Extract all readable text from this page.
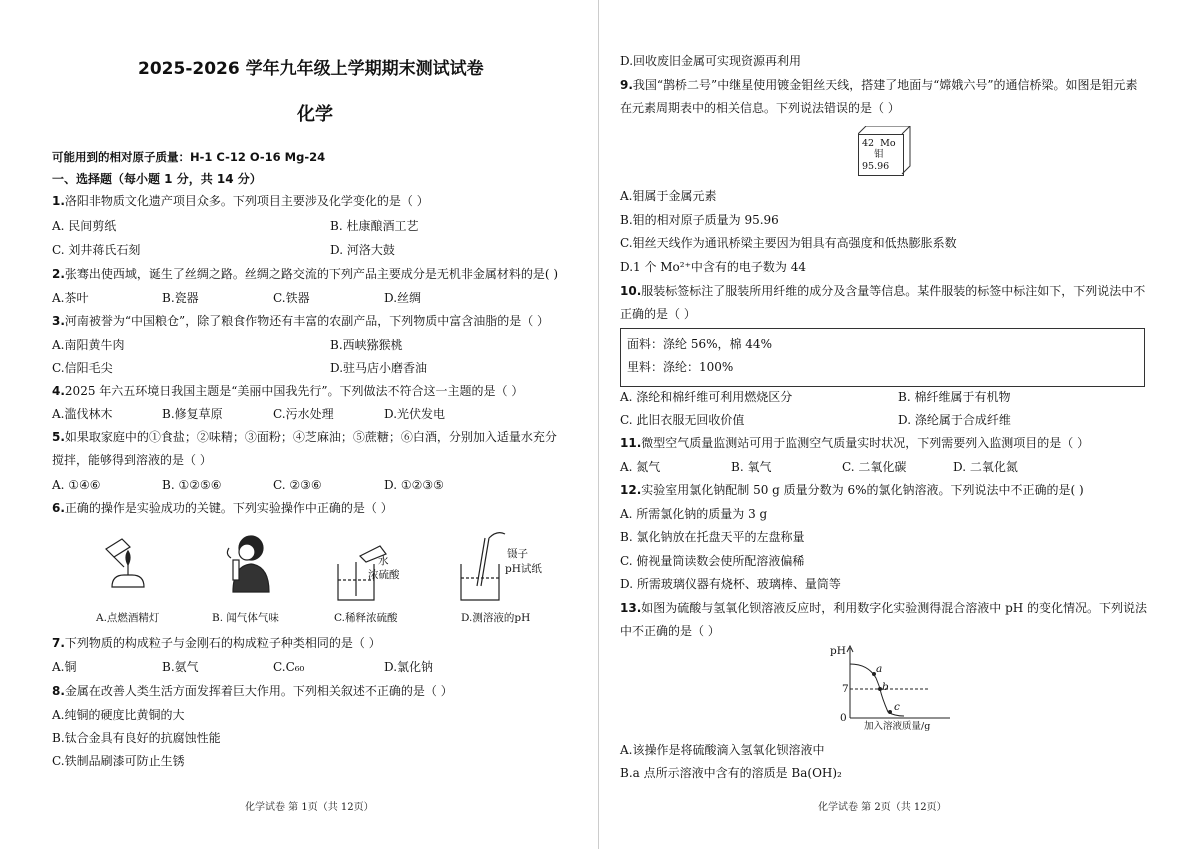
2025-2026 学年九年级上学期期末测试试卷
化学
可能用到的相对原子质量：H-1 C-12 O-16 Mg-24
一、选择题（每小题 1 分，共 14 分）
1.洛阳非物质文化遗产项目众多。下列项目主要涉及化学变化的是（ ）
A. 民间剪纸	B. 杜康酿酒工艺
C. 刘井蒋氏石刻	D. 河洛大鼓
2.张骞出使西域，诞生了丝绸之路。丝绸之路交流的下列产品主要成分是无机非金属材料的是( )
A.茶叶	B.瓷器	C.铁器	D.丝绸
3.河南被誉为“中国粮仓”，除了粮食作物还有丰富的农副产品，下列物质中富含油脂的是（ ）
A.南阳黄牛肉	B.西峡猕猴桃
C.信阳毛尖	D.驻马店小磨香油
4.2025 年六五环境日我国主题是“美丽中国我先行”。下列做法不符合这一主题的是（ ）
A.滥伐林木	B.修复草原	C.污水处理	D.光伏发电
5.如果取家庭中的①食盐；②味精；③面粉；④芝麻油；⑤蔗糖；⑥白酒，分别加入适量水充分
搅拌，能够得到溶液的是（ ）
A. ①④⑥	B. ①②⑤⑥	C. ②③⑥	D. ①②③⑤
6.正确的操作是实验成功的关键。下列实验操作中正确的是（ ）
A.点燃酒精灯	B. 闻气体气味
水
浓硫酸
C.稀释浓硫酸
镊子
pH试纸
D.测溶液的pH
7.下列物质的构成粒子与金刚石的构成粒子种类相同的是（ ）
A.铜	B.氨气	C.C₆₀	D.氯化钠
8.金属在改善人类生活方面发挥着巨大作用。下列相关叙述不正确的是（ ）
A.纯铜的硬度比黄铜的大
B.钛合金具有良好的抗腐蚀性能
C.铁制品刷漆可防止生锈
化学试卷 第 1页（共 12页）
D.回收废旧金属可实现资源再利用
9.我国“鹊桥二号”中继星使用镀金钼丝天线，搭建了地面与“嫦娥六号”的通信桥梁。如图是钼元素
在元素周期表中的相关信息。下列说法错误的是（ ）
42 Mo
钼
95.96
A.钼属于金属元素
B.钼的相对原子质量为 95.96
C.钼丝天线作为通讯桥梁主要因为钼具有高强度和低热膨胀系数
D.1 个 Mo²⁺中含有的电子数为 44
10.服装标签标注了服装所用纤维的成分及含量等信息。某件服装的标签中标注如下，下列说法中不
正确的是（ ）
面料：涤纶 56%，棉 44%
里料：涤纶：100%
A. 涤纶和棉纤维可利用燃烧区分	B. 棉纤维属于有机物
C. 此旧衣服无回收价值	D. 涤纶属于合成纤维
11.微型空气质量监测站可用于监测空气质量实时状况，下列需要列入监测项目的是（ ）
A. 氮气	B. 氧气	C. 二氧化碳	D. 二氧化氮
12.实验室用氯化钠配制 50 g 质量分数为 6%的氯化钠溶液。下列说法中不正确的是( )
A. 所需氯化钠的质量为 3 g
B. 氯化钠放在托盘天平的左盘称量
C. 俯视量筒读数会使所配溶液偏稀
D. 所需玻璃仪器有烧杯、玻璃棒、量筒等
13.如图为硫酸与氢氧化钡溶液反应时，利用数字化实验测得混合溶液中 pH 的变化情况。下列说法
中不正确的是（ ）
pH
7
0
a
b
c
加入溶液质量/g
A.该操作是将硫酸滴入氢氧化钡溶液中
B.a 点所示溶液中含有的溶质是 Ba(OH)₂
化学试卷 第 2页（共 12页）
